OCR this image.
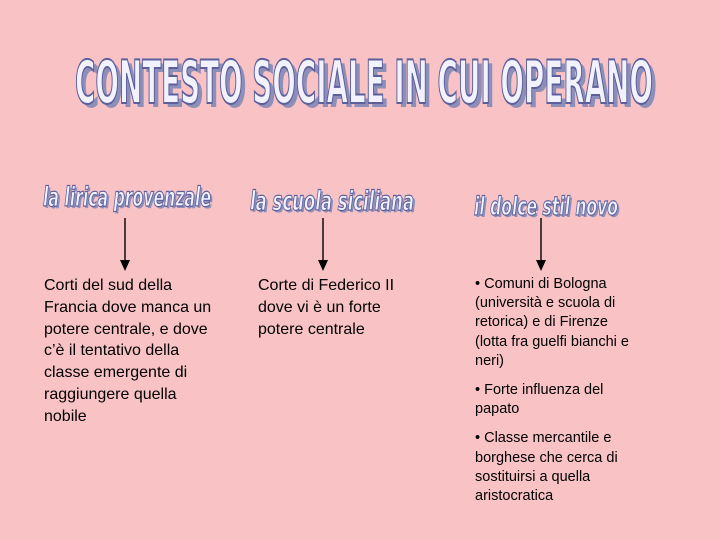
CONTESTO SOCIALE IN CUI OPERANO
CONTESTO SOCIALE IN CUI OPERANO
la lirica provenzale
la lirica provenzale

Corti del sud della Francia dove manca un potere centrale, e dove c’è il tentativo della classe emergente di raggiungere quella nobile

la scuola siciliana
la scuola siciliana

Corte di Federico II dove vi è un forte potere centrale

il dolce stil novo
il dolce stil novo

• Comuni di Bologna (università e scuola di retorica) e di Firenze (lotta fra guelfi bianchi e neri)

• Forte influenza del papato

• Classe mercantile e borghese che cerca di sostituirsi a quella aristocratica
